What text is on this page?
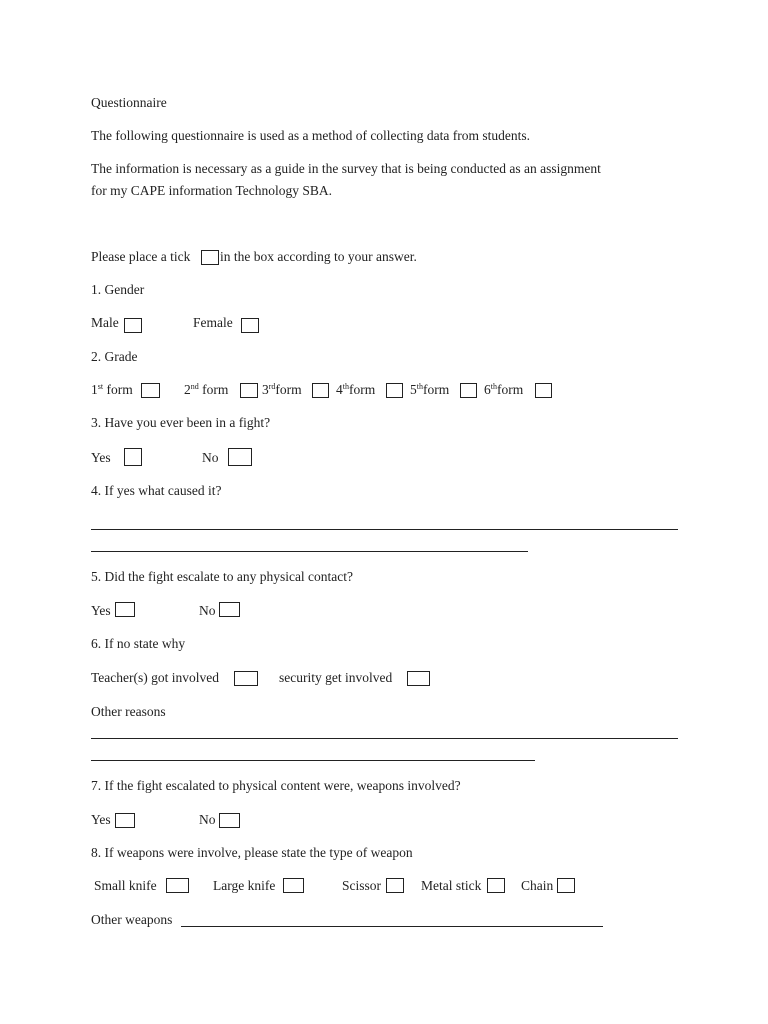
Questionnaire
The following questionnaire is used as a method of collecting data from students.
The information is necessary as a guide in the survey that is being conducted as an assignment
for my CAPE information Technology SBA.
Please place a tick in the box according to your answer.
1. Gender
Male	Female
2. Grade
1st form	2nd form 3rdform	4thform	5thform	6thform
3. Have you ever been in a fight?
Yes	No
4. If yes what caused it?
5. Did the fight escalate to any physical contact?
Yes	No
6. If no state why
Teacher(s) got involved	security get involved
Other reasons
7. If the fight escalated to physical content were, weapons involved?
Yes	No
8. If weapons were involve, please state the type of weapon
Small knife	Large knife	Scissor	Metal stick	Chain
Other weapons
